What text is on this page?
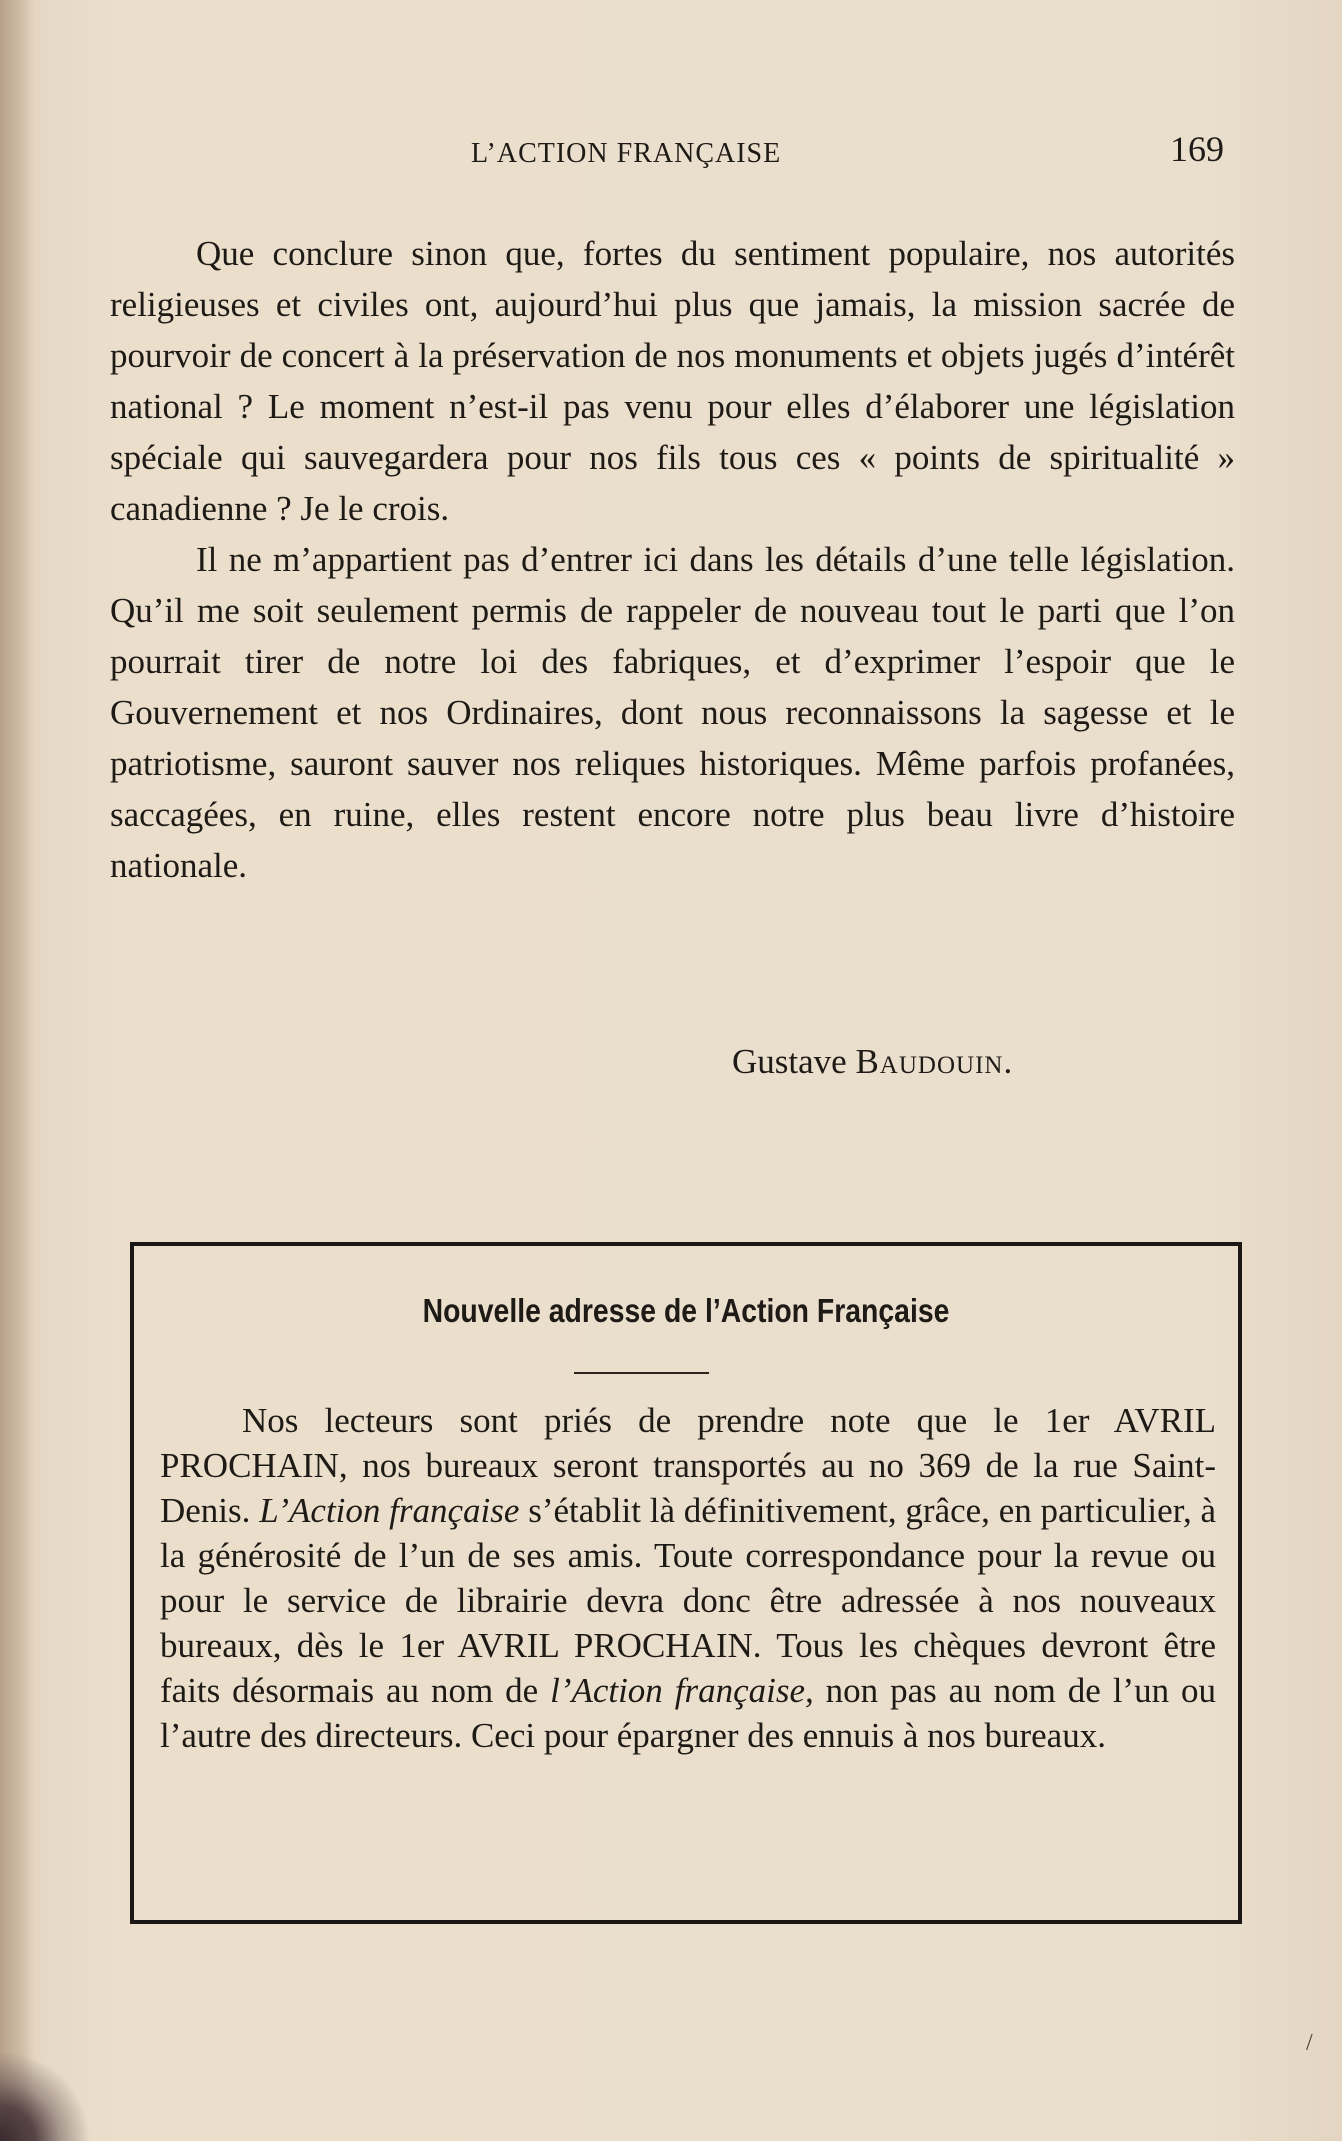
L’ACTION FRANÇAISE	169

Que conclure sinon que, fortes du sentiment populaire, nos autorités religieuses et civiles ont, aujourd’hui plus que jamais, la mission sacrée de pourvoir de concert à la préservation de nos monuments et objets jugés d’intérêt national ? Le moment n’est-il pas venu pour elles d’élaborer une législation spéciale qui sauvegardera pour nos fils tous ces « points de spiritualité » canadienne ? Je le crois.

Il ne m’appartient pas d’entrer ici dans les détails d’une telle législation. Qu’il me soit seulement permis de rappeler de nouveau tout le parti que l’on pourrait tirer de notre loi des fabriques, et d’exprimer l’espoir que le Gouvernement et nos Ordinaires, dont nous reconnaissons la sagesse et le patriotisme, sauront sauver nos reliques historiques. Même parfois profanées, saccagées, en ruine, elles restent encore notre plus beau livre d’histoire nationale.

Gustave Baudouin.
Nouvelle adresse de l’Action Française

Nos lecteurs sont priés de prendre note que le 1er AVRIL PROCHAIN, nos bureaux seront transportés au no 369 de la rue Saint-Denis. L’Action française s’établit là définitivement, grâce, en particulier, à la générosité de l’un de ses amis. Toute correspondance pour la revue ou pour le service de librairie devra donc être adressée à nos nouveaux bureaux, dès le 1er AVRIL PROCHAIN. Tous les chèques devront être faits désormais au nom de l’Action française, non pas au nom de l’un ou l’autre des directeurs. Ceci pour épargner des ennuis à nos bureaux.

/
